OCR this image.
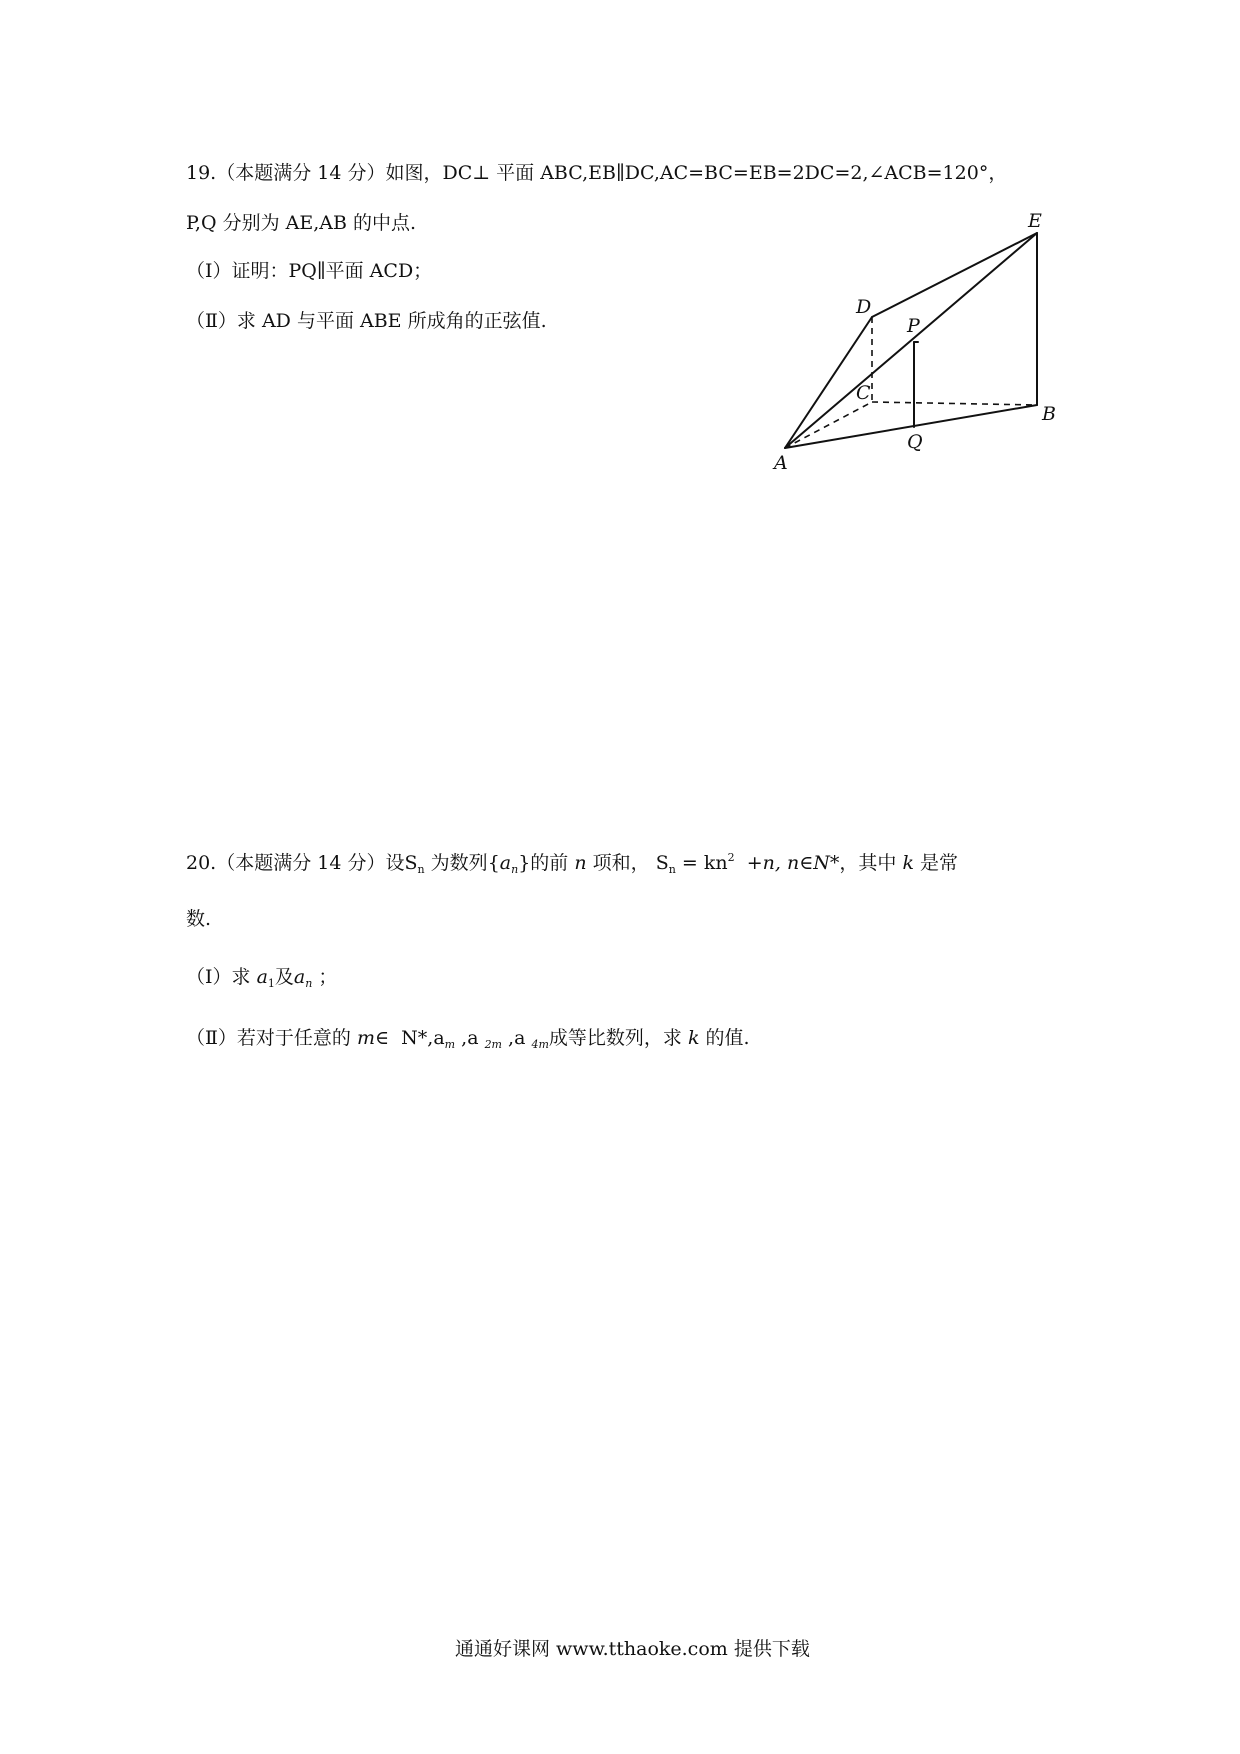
19.（本题满分 14 分）如图，DC⊥ 平面 ABC,EB∥DC,AC=BC=EB=2DC=2,∠ACB=120°，
P,Q 分别为 AE,AB 的中点.
（Ⅰ）证明：PQ∥平面 ACD；
（Ⅱ）求 AD 与平面 ABE 所成角的正弦值.
E
D
P
C
B
Q
A
20.（本题满分 14 分）设$S_n$ 为数列$\{a_n\}$的前 n 项和， $S_n = kn^2 +n$, n∈N*，其中 k 是常
数.
（I）求 $a_1$及$a_n$ ；
（Ⅱ）若对于任意的 m∈ $N*,a_m$ ,a $_{2m}$ ,a $_{4m}$成等比数列，求 k 的值.
通通好课网 www.tthaoke.com 提供下载
